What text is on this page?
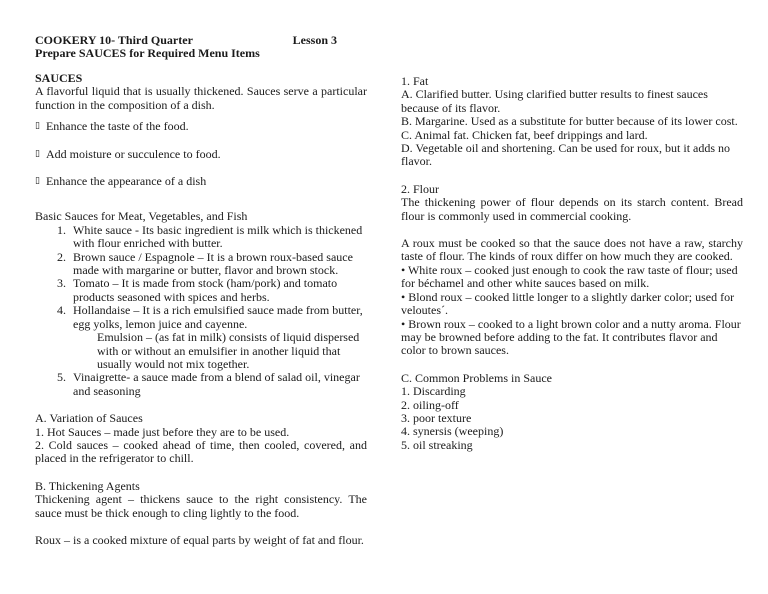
COOKERY 10- Third Quarter	Lesson 3
Prepare SAUCES for Required Menu Items
SAUCES
A flavorful liquid that is usually thickened. Sauces serve a particular function in the composition of a dish.
▯ Enhance the taste of the food.
▯ Add moisture or succulence to food.
▯ Enhance the appearance of a dish
Basic Sauces for Meat, Vegetables, and Fish
1. White sauce - Its basic ingredient is milk which is thickened with flour enriched with butter.
2. Brown sauce / Espagnole – It is a brown roux-based sauce made with margarine or butter, flavor and brown stock.
3. Tomato – It is made from stock (ham/pork) and tomato products seasoned with spices and herbs.
4. Hollandaise – It is a rich emulsified sauce made from butter, egg yolks, lemon juice and cayenne.
Emulsion – (as fat in milk) consists of liquid dispersed with or without an emulsifier in another liquid that usually would not mix together.
5. Vinaigrette- a sauce made from a blend of salad oil, vinegar and seasoning
A. Variation of Sauces
1. Hot Sauces – made just before they are to be used.
2. Cold sauces – cooked ahead of time, then cooled, covered, and placed in the refrigerator to chill.
B. Thickening Agents
Thickening agent – thickens sauce to the right consistency. The sauce must be thick enough to cling lightly to the food.
Roux – is a cooked mixture of equal parts by weight of fat and flour.
1. Fat
A. Clarified butter. Using clarified butter results to finest sauces because of its flavor.
B. Margarine. Used as a substitute for butter because of its lower cost.
C. Animal fat. Chicken fat, beef drippings and lard.
D. Vegetable oil and shortening. Can be used for roux, but it adds no flavor.
2. Flour
The thickening power of flour depends on its starch content. Bread flour is commonly used in commercial cooking.
A roux must be cooked so that the sauce does not have a raw, starchy taste of flour. The kinds of roux differ on how much they are cooked.
• White roux – cooked just enough to cook the raw taste of flour; used for béchamel and other white sauces based on milk.
• Blond roux – cooked little longer to a slightly darker color; used for veloutes´.
• Brown roux – cooked to a light brown color and a nutty aroma. Flour may be browned before adding to the fat. It contributes flavor and color to brown sauces.
C. Common Problems in Sauce
1. Discarding
2. oiling-off
3. poor texture
4. synersis (weeping)
5. oil streaking
